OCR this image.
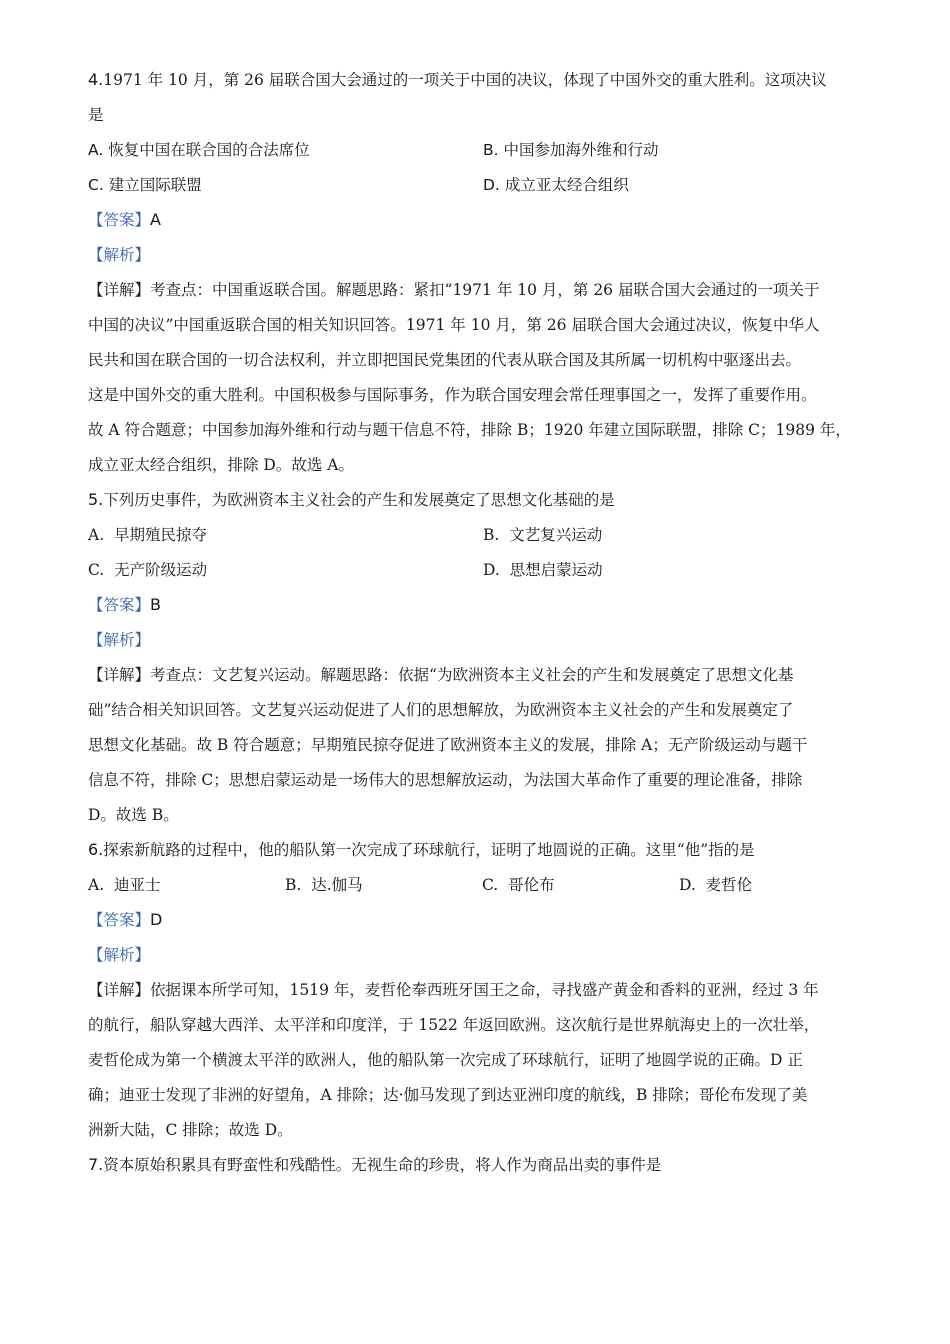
4.1971 年 10 月，第 26 届联合国大会通过的一项关于中国的决议，体现了中国外交的重大胜利。这项决议
是
A. 恢复中国在联合国的合法席位	B. 中国参加海外维和行动
C. 建立国际联盟	D. 成立亚太经合组织
【答案】A
【解析】
【详解】考查点：中国重返联合国。解题思路：紧扣“1971 年 10 月，第 26 届联合国大会通过的一项关于
中国的决议”中国重返联合国的相关知识回答。1971 年 10 月，第 26 届联合国大会通过决议，恢复中华人
民共和国在联合国的一切合法权利，并立即把国民党集团的代表从联合国及其所属一切机构中驱逐出去。
这是中国外交的重大胜利。中国积极参与国际事务，作为联合国安理会常任理事国之一，发挥了重要作用。
故 A 符合题意；中国参加海外维和行动与题干信息不符，排除 B；1920 年建立国际联盟，排除 C；1989 年，
成立亚太经合组织，排除 D。故选 A。
5.下列历史事件，为欧洲资本主义社会的产生和发展奠定了思想文化基础的是
A. 早期殖民掠夺	B. 文艺复兴运动
C. 无产阶级运动	D. 思想启蒙运动
【答案】B
【解析】
【详解】考查点：文艺复兴运动。解题思路：依据“为欧洲资本主义社会的产生和发展奠定了思想文化基
础”结合相关知识回答。文艺复兴运动促进了人们的思想解放，为欧洲资本主义社会的产生和发展奠定了
思想文化基础。故 B 符合题意；早期殖民掠夺促进了欧洲资本主义的发展，排除 A；无产阶级运动与题干
信息不符，排除 C；思想启蒙运动是一场伟大的思想解放运动，为法国大革命作了重要的理论准备，排除
D。故选 B。
6.探索新航路的过程中，他的船队第一次完成了环球航行，证明了地圆说的正确。这里“他”指的是
A. 迪亚士	B. 达.伽马	C. 哥伦布	D. 麦哲伦
【答案】D
【解析】
【详解】依据课本所学可知，1519 年，麦哲伦奉西班牙国王之命，寻找盛产黄金和香料的亚洲，经过 3 年
的航行，船队穿越大西洋、太平洋和印度洋，于 1522 年返回欧洲。这次航行是世界航海史上的一次壮举，
麦哲伦成为第一个横渡太平洋的欧洲人，他的船队第一次完成了环球航行，证明了地圆学说的正确。D 正
确；迪亚士发现了非洲的好望角，A 排除；达·伽马发现了到达亚洲印度的航线，B 排除；哥伦布发现了美
洲新大陆，C 排除；故选 D。
7.资本原始积累具有野蛮性和残酷性。无视生命的珍贵，将人作为商品出卖的事件是
